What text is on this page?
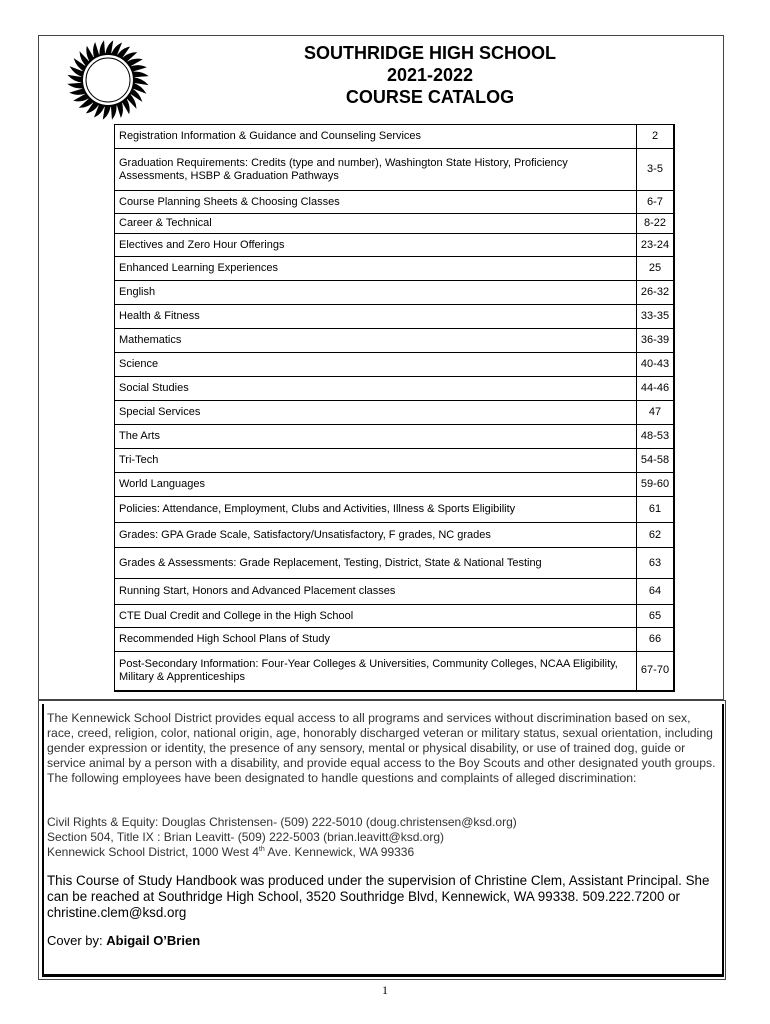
SOUTHRIDGE HIGH SCHOOL
2021-2022
COURSE CATALOG
Registration Information & Guidance and Counseling Services	2
Graduation Requirements: Credits (type and number), Washington State History, Proficiency Assessments, HSBP & Graduation Pathways	3-5
Course Planning Sheets & Choosing Classes	6-7
Career & Technical	8-22
Electives and Zero Hour Offerings	23-24
Enhanced Learning Experiences	25
English	26-32
Health & Fitness	33-35
Mathematics	36-39
Science	40-43
Social Studies	44-46
Special Services	47
The Arts	48-53
Tri-Tech	54-58
World Languages	59-60
Policies: Attendance, Employment, Clubs and Activities, Illness & Sports Eligibility	61
Grades: GPA Grade Scale, Satisfactory/Unsatisfactory, F grades, NC grades	62
Grades & Assessments: Grade Replacement, Testing, District, State & National Testing	63
Running Start, Honors and Advanced Placement classes	64
CTE Dual Credit and College in the High School	65
Recommended High School Plans of Study	66
Post-Secondary Information: Four-Year Colleges & Universities, Community Colleges, NCAA Eligibility, Military & Apprenticeships	67-70

The Kennewick School District provides equal access to all programs and services without discrimination based on sex, race, creed, religion, color, national origin, age, honorably discharged veteran or military status, sexual orientation, including gender expression or identity, the presence of any sensory, mental or physical disability, or use of trained dog, guide or service animal by a person with a disability, and provide equal access to the Boy Scouts and other designated youth groups. The following employees have been designated to handle questions and complaints of alleged discrimination:

Civil Rights & Equity: Douglas Christensen- (509) 222-5010 (doug.christensen@ksd.org)
Section 504, Title IX : Brian Leavitt- (509) 222-5003 (brian.leavitt@ksd.org)
Kennewick School District, 1000 West 4th Ave. Kennewick, WA 99336
This Course of Study Handbook was produced under the supervision of Christine Clem, Assistant Principal. She can be reached at Southridge High School, 3520 Southridge Blvd, Kennewick, WA 99338. 509.222.7200 or christine.clem@ksd.org
Cover by: Abigail O’Brien
1
